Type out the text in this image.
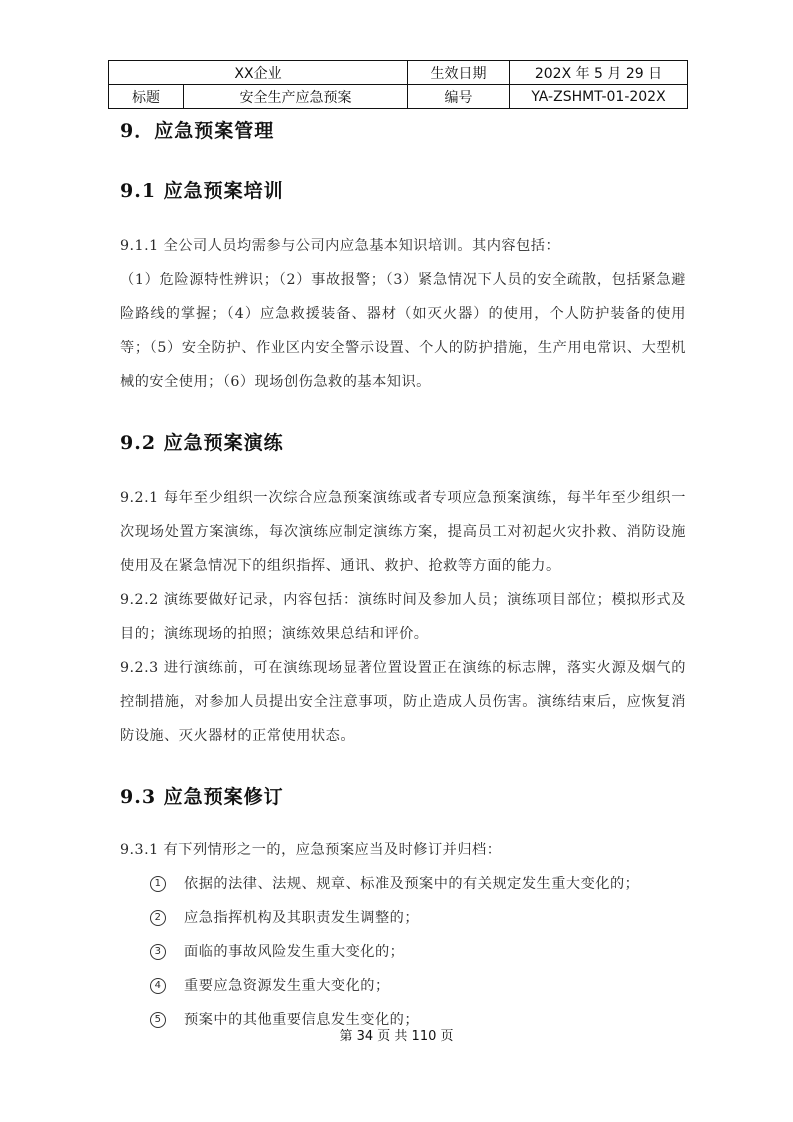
XX企业		生效日期	202X 年 5 月 29 日
标题	安全生产应急预案	编号	YA-ZSHMT-01-202X
9．应急预案管理
9.1 应急预案培训

9.1.1 全公司人员均需参与公司内应急基本知识培训。其内容包括：

（1）危险源特性辨识；（2）事故报警；（3）紧急情况下人员的安全疏散，包括紧急避险路线的掌握；（4）应急救援装备、器材（如灭火器）的使用，个人防护装备的使用等；（5）安全防护、作业区内安全警示设置、个人的防护措施，生产用电常识、大型机械的安全使用；（6）现场创伤急救的基本知识。

9.2 应急预案演练

9.2.1 每年至少组织一次综合应急预案演练或者专项应急预案演练，每半年至少组织一次现场处置方案演练，每次演练应制定演练方案，提高员工对初起火灾扑救、消防设施使用及在紧急情况下的组织指挥、通讯、救护、抢救等方面的能力。

9.2.2 演练要做好记录，内容包括：演练时间及参加人员；演练项目部位；模拟形式及目的；演练现场的拍照；演练效果总结和评价。

9.2.3 进行演练前，可在演练现场显著位置设置正在演练的标志牌，落实火源及烟气的控制措施，对参加人员提出安全注意事项，防止造成人员伤害。演练结束后，应恢复消防设施、灭火器材的正常使用状态。

9.3 应急预案修订

9.3.1 有下列情形之一的，应急预案应当及时修订并归档：

1	依据的法律、法规、规章、标准及预案中的有关规定发生重大变化的；
2	应急指挥机构及其职责发生调整的；
3	面临的事故风险发生重大变化的；
4	重要应急资源发生重大变化的；
5	预案中的其他重要信息发生变化的；
第 34 页 共 110 页
